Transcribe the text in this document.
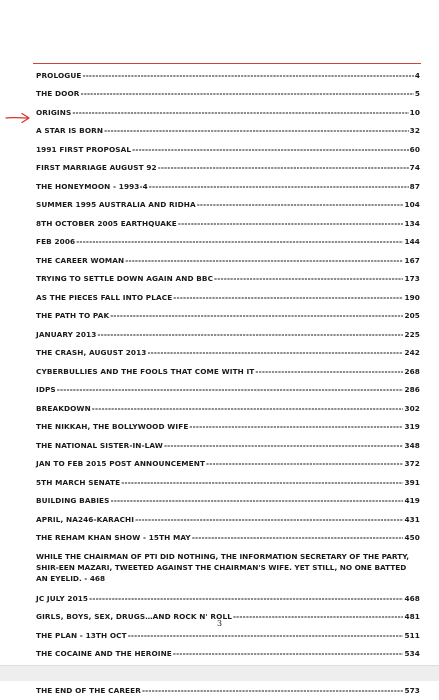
PROLOGUE -----	4
THE DOOR -----	5
ORIGINS -----	10
A STAR IS BORN -----	32
1991 FIRST PROPOSAL -----	60
FIRST MARRIAGE AUGUST 92 -----	74
THE HONEYMOON - 1993-4 -----	87
SUMMER 1995 AUSTRALIA AND RIDHA -----	104
8TH OCTOBER 2005 EARTHQUAKE -----	134
FEB 2006 -----	144
THE CAREER WOMAN -----	167
TRYING TO SETTLE DOWN AGAIN AND BBC -----	173
AS THE PIECES FALL INTO PLACE -----	190
THE PATH TO PAK -----	205
JANUARY 2013 -----	225
THE CRASH, AUGUST 2013 -----	242
CYBERBULLIES AND THE FOOLS THAT COME WITH IT -----	268
IDPS -----	286
BREAKDOWN -----	302
THE NIKKAH, THE BOLLYWOOD WIFE -----	319
THE NATIONAL SISTER-IN-LAW -----	348
JAN TO FEB 2015 POST ANNOUNCEMENT -----	372
5TH MARCH SENATE -----	391
BUILDING BABIES -----	419
APRIL, NA246-KARACHI -----	431
THE REHAM KHAN SHOW - 15TH MAY -----	450
WHILE THE CHAIRMAN OF PTI DID NOTHING, THE INFORMATION SECRETARY OF THE PARTY, SHIR-EEN MAZARI, TWEETED AGAINST THE CHAIRMAN'S WIFE. YET STILL, NO ONE BATTED AN EYELID. - 468
JC JULY 2015 -----	468
GIRLS, BOYS, SEX, DRUGS…AND ROCK N' ROLL -----	481
THE PLAN - 13TH OCT -----	511
THE COCAINE AND THE HEROINE -----	534
-----
THE END OF THE CAREER -----	573
3
